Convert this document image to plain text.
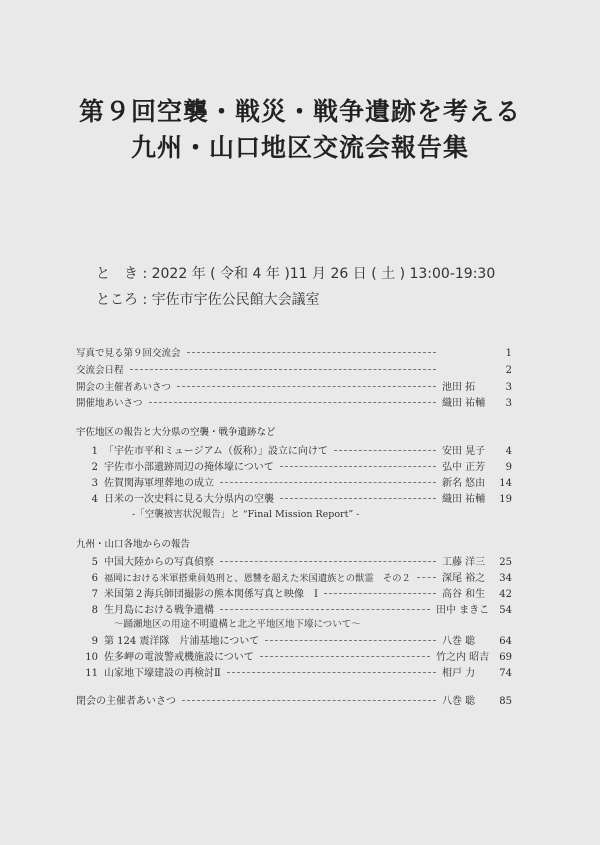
第９回空襲・戦災・戦争遺跡を考える
九州・山口地区交流会報告集
と　き : 2022 年 ( 令和 4 年 )11 月 26 日 ( 土 ) 13:00-19:30
ところ : 宇佐市宇佐公民館大会議室
写真で見る第９回交流会	1
交流会日程	2
開会の主催者あいさつ	池田 拓	3
開催地あいさつ	織田 祐輔	3
宇佐地区の報告と大分県の空襲・戦争遺跡など
1 「宇佐市平和ミュージアム（仮称）」設立に向けて	安田 晃子	4
2 宇佐市小部遺跡周辺の掩体壕について	弘中 正芳	9
3 佐賀関海軍埋葬地の成立	新名 悠由	14
4 日米の一次史料に見る大分県内の空襲	織田 祐輔	19
-「空襲被害状況報告」と “Final Mission Report” -
九州・山口各地からの報告
5 中国大陸からの写真偵察	工藤 洋三	25
6 福岡における米軍搭乗員処刑と、恩讐を超えた米国遺族との獣霊　その２	深尾 裕之	34
7 米国第２海兵師団撮影の熊本関係写真と映像　Ⅰ	高谷 和生	42
8 生月島における戦争遺構	田中 まきこ	54
～踊瀬地区の用途不明遺構と北之平地区地下壕について～
9 第 124 震洋隊　片浦基地について	八巻 聡	64
10 佐多岬の電波警戒機施設について	竹之内 昭吉	69
11 山家地下壕建設の再検討Ⅱ	相戸 力	74
閉会の主催者あいさつ	八巻 聡	85
